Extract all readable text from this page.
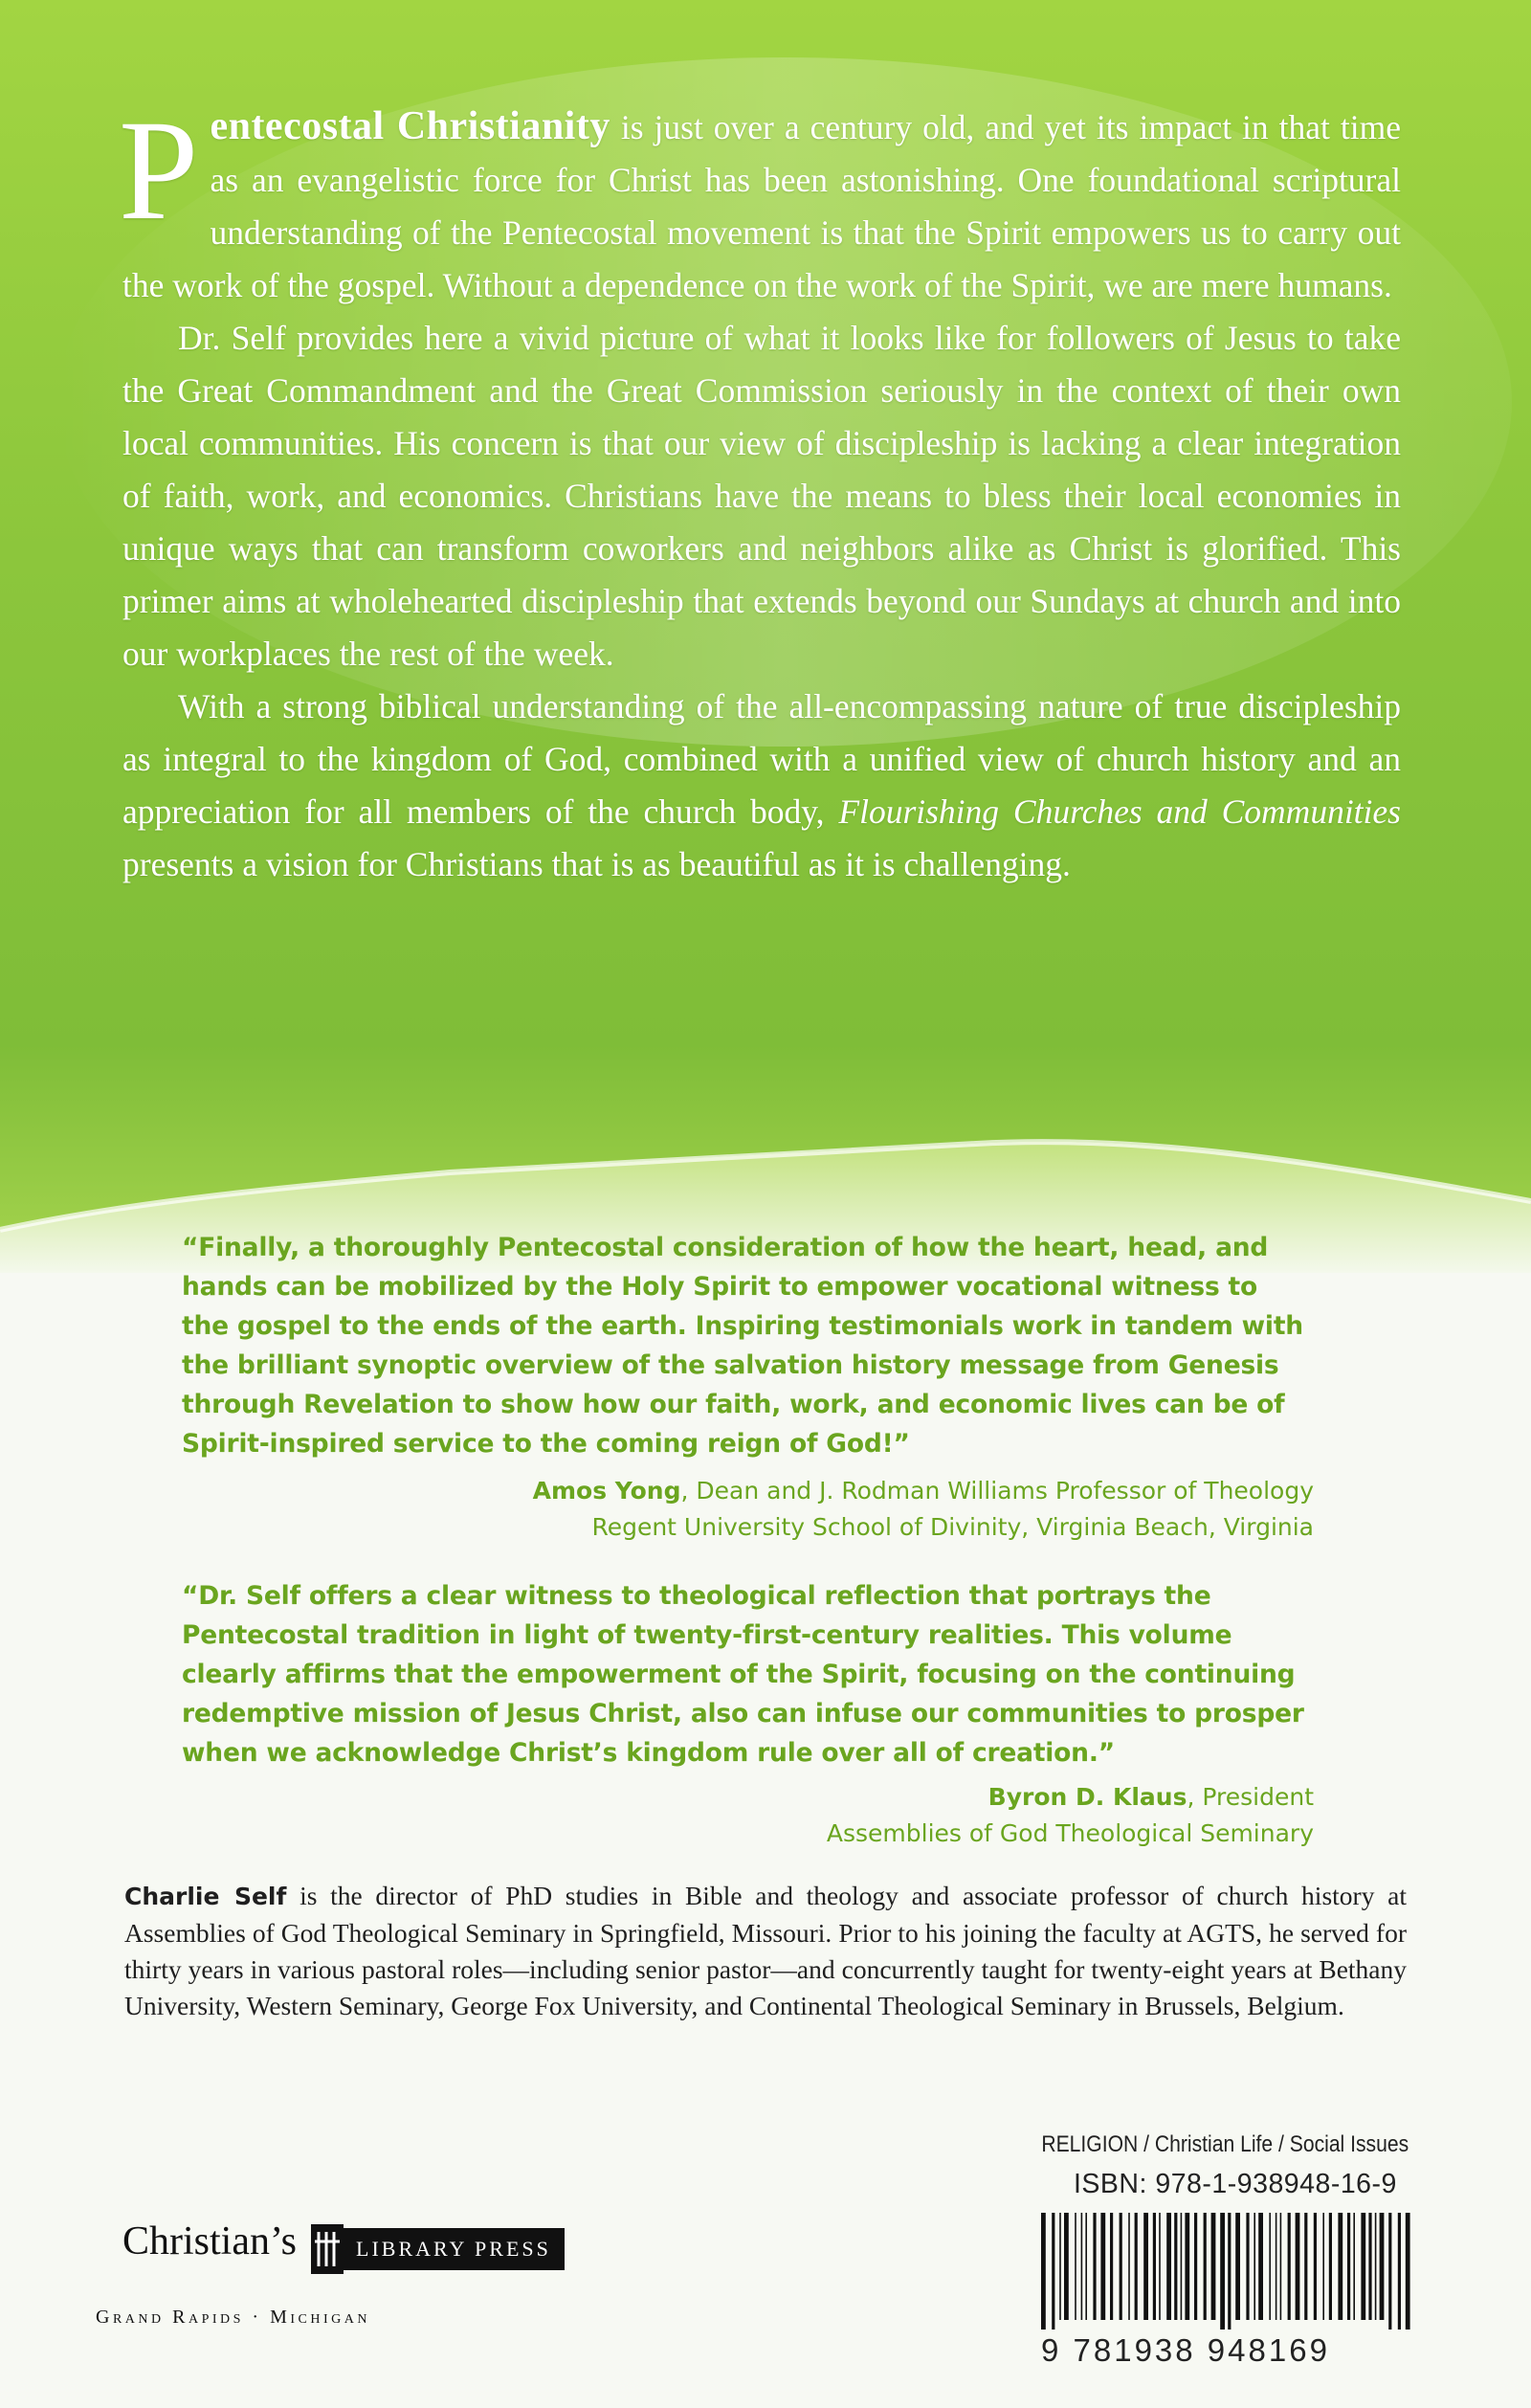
Pentecostal Christianity is just over a century old, and yet its impact in that time as an evangelistic force for Christ has been astonishing. One foundational scriptural understanding of the Pentecostal movement is that the Spirit empowers us to carry out the work of the gospel. Without a dependence on the work of the Spirit, we are mere humans.

Dr. Self provides here a vivid picture of what it looks like for followers of Jesus to take the Great Commandment and the Great Commission seriously in the context of their own local communities. His concern is that our view of discipleship is lacking a clear integration of faith, work, and economics. Christians have the means to bless their local economies in unique ways that can transform coworkers and neighbors alike as Christ is glorified. This primer aims at wholehearted discipleship that extends beyond our Sundays at church and into our workplaces the rest of the week.

With a strong biblical understanding of the all-encompassing nature of true discipleship as integral to the kingdom of God, combined with a unified view of church history and an appreciation for all members of the church body, Flourishing Churches and Communities presents a vision for Christians that is as beautiful as it is challenging.

“Finally, a thoroughly Pentecostal consideration of how the heart, head, and hands can be mobilized by the Holy Spirit to empower vocational witness to the gospel to the ends of the earth. Inspiring testimonials work in tandem with the brilliant synoptic overview of the salvation history message from Genesis through Revelation to show how our faith, work, and economic lives can be of Spirit-inspired service to the coming reign of God!”

Amos Yong, Dean and J. Rodman Williams Professor of Theology
Regent University School of Divinity, Virginia Beach, Virginia

“Dr. Self offers a clear witness to theological reflection that portrays the Pentecostal tradition in light of twenty-first-century realities. This volume clearly affirms that the empowerment of the Spirit, focusing on the continuing redemptive mission of Jesus Christ, also can infuse our communities to prosper when we acknowledge Christ’s kingdom rule over all of creation.”

Byron D. Klaus, President
Assemblies of God Theological Seminary

Charlie Self is the director of PhD studies in Bible and theology and associate professor of church history at Assemblies of God Theological Seminary in Springfield, Missouri. Prior to his joining the faculty at AGTS, he served for thirty years in various pastoral roles—including senior pastor—and concurrently taught for twenty-eight years at Bethany University, Western Seminary, George Fox University, and Continental Theological Seminary in Brussels, Belgium.

RELIGION / Christian Life / Social Issues
ISBN: 978-1-938948-16-9
9 781938 948169
Christian’s	LIBRARY PRESS
Grand Rapids · Michigan
